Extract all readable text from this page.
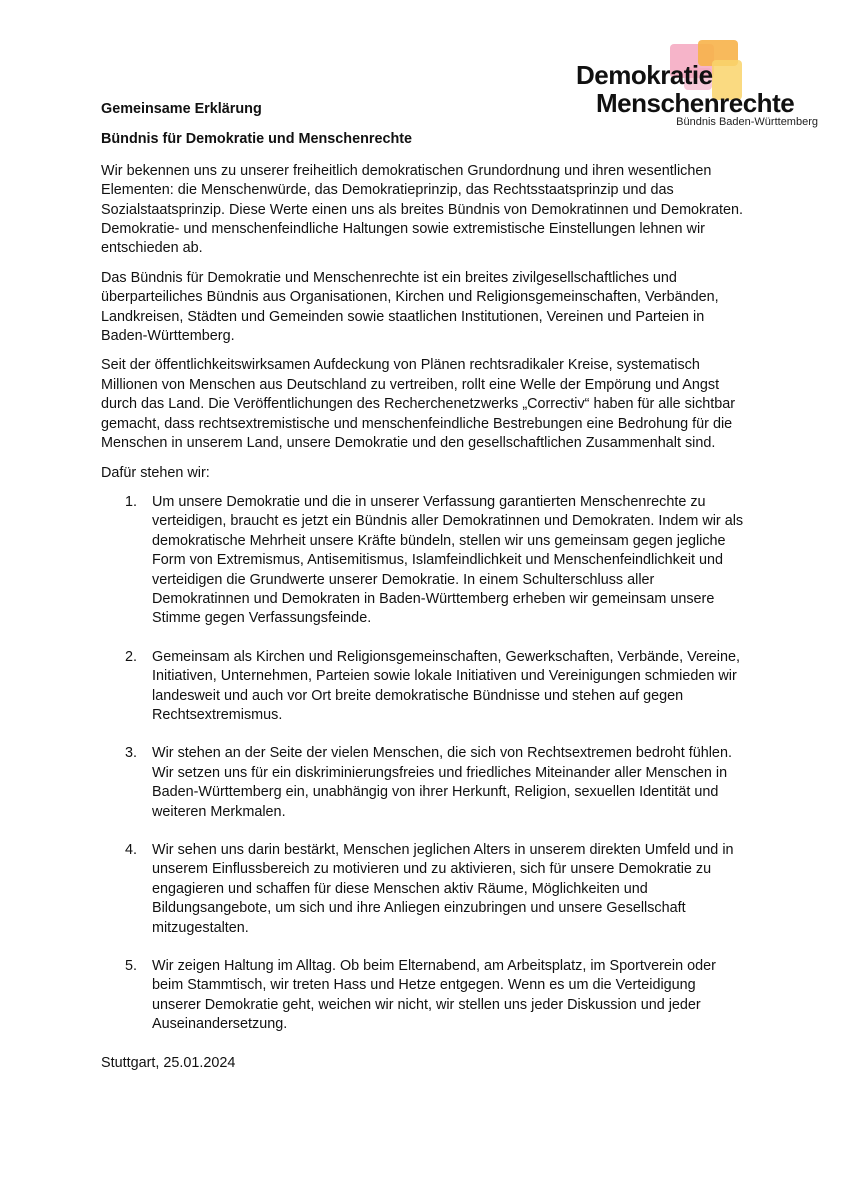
Demokratie
Menschenrechte
Bündnis Baden-Württemberg
Gemeinsame Erklärung
Bündnis für Demokratie und Menschenrechte

Wir bekennen uns zu unserer freiheitlich demokratischen Grundordnung und ihren wesentlichen Elementen: die Menschenwürde, das Demokratieprinzip, das Rechtsstaatsprinzip und das Sozialstaatsprinzip. Diese Werte einen uns als breites Bündnis von Demokratinnen und Demokraten. Demokratie- und menschenfeindliche Haltungen sowie extremistische Einstellungen lehnen wir entschieden ab.

Das Bündnis für Demokratie und Menschenrechte ist ein breites zivilgesellschaftliches und überparteiliches Bündnis aus Organisationen, Kirchen und Religionsgemeinschaften, Verbänden, Landkreisen, Städten und Gemeinden sowie staatlichen Institutionen, Vereinen und Parteien in Baden-Württemberg.

Seit der öffentlichkeitswirksamen Aufdeckung von Plänen rechtsradikaler Kreise, systematisch Millionen von Menschen aus Deutschland zu vertreiben, rollt eine Welle der Empörung und Angst durch das Land. Die Veröffentlichungen des Recherchenetzwerks „Correctiv“ haben für alle sichtbar gemacht, dass rechtsextremistische und menschenfeindliche Bestrebungen eine Bedrohung für die Menschen in unserem Land, unsere Demokratie und den gesellschaftlichen Zusammenhalt sind.

Dafür stehen wir:

1. Um unsere Demokratie und die in unserer Verfassung garantierten Menschenrechte zu verteidigen, braucht es jetzt ein Bündnis aller Demokratinnen und Demokraten. Indem wir als demokratische Mehrheit unsere Kräfte bündeln, stellen wir uns gemeinsam gegen jegliche Form von Extremismus, Antisemitismus, Islamfeindlichkeit und Menschenfeindlichkeit und verteidigen die Grundwerte unserer Demokratie. In einem Schulterschluss aller Demokratinnen und Demokraten in Baden-Württemberg erheben wir gemeinsam unsere Stimme gegen Verfassungsfeinde.
2. Gemeinsam als Kirchen und Religionsgemeinschaften, Gewerkschaften, Verbände, Vereine, Initiativen, Unternehmen, Parteien sowie lokale Initiativen und Vereinigungen schmieden wir landesweit und auch vor Ort breite demokratische Bündnisse und stehen auf gegen Rechtsextremismus.
3. Wir stehen an der Seite der vielen Menschen, die sich von Rechtsextremen bedroht fühlen. Wir setzen uns für ein diskriminierungsfreies und friedliches Miteinander aller Menschen in Baden-Württemberg ein, unabhängig von ihrer Herkunft, Religion, sexuellen Identität und weiteren Merkmalen.
4. Wir sehen uns darin bestärkt, Menschen jeglichen Alters in unserem direkten Umfeld und in unserem Einflussbereich zu motivieren und zu aktivieren, sich für unsere Demokratie zu engagieren und schaffen für diese Menschen aktiv Räume, Möglichkeiten und Bildungsangebote, um sich und ihre Anliegen einzubringen und unsere Gesellschaft mitzugestalten.
5. Wir zeigen Haltung im Alltag. Ob beim Elternabend, am Arbeitsplatz, im Sportverein oder beim Stammtisch, wir treten Hass und Hetze entgegen. Wenn es um die Verteidigung unserer Demokratie geht, weichen wir nicht, wir stellen uns jeder Diskussion und jeder Auseinandersetzung.
Stuttgart, 25.01.2024
